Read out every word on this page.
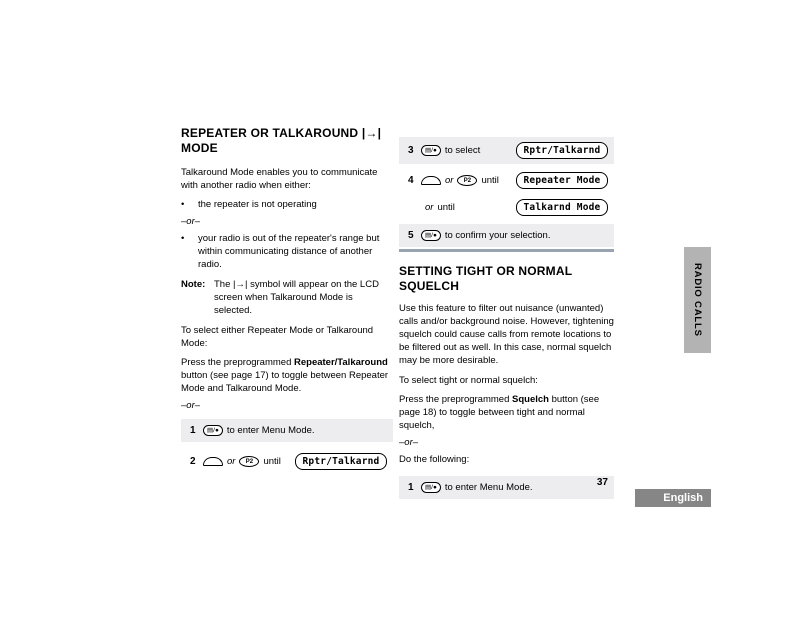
REPEATER OR TALKAROUND |→|
MODE

Talkaround Mode enables you to communicate with another radio when either:

•	the repeater is not operating
–or–
•	your radio is out of the repeater's range but within communicating distance of another radio.
Note: The |→| symbol will appear on the LCD screen when Talkaround Mode is selected.

To select either Repeater Mode or Talkaround Mode:

Press the preprogrammed Repeater/Talkaround button (see page 17) to toggle between Repeater Mode and Talkaround Mode.

–or–
1	▤/● to enter Menu Mode.
2	or	P2	until	Rptr/Talkarnd
3	▤/● to select	Rptr/Talkarnd
4	or	P2	until	Repeater Mode
or until	Talkarnd Mode
5	▤/● to confirm your selection.
SETTING TIGHT OR NORMAL SQUELCH

Use this feature to filter out nuisance (unwanted) calls and/or background noise. However, tightening squelch could cause calls from remote locations to be filtered out as well. In this case, normal squelch may be more desirable.

To select tight or normal squelch:

Press the preprogrammed Squelch button (see page 18) to toggle between tight and normal squelch,

–or–

Do the following:

1	▤/● to enter Menu Mode.
RADIO CALLS
37
English
